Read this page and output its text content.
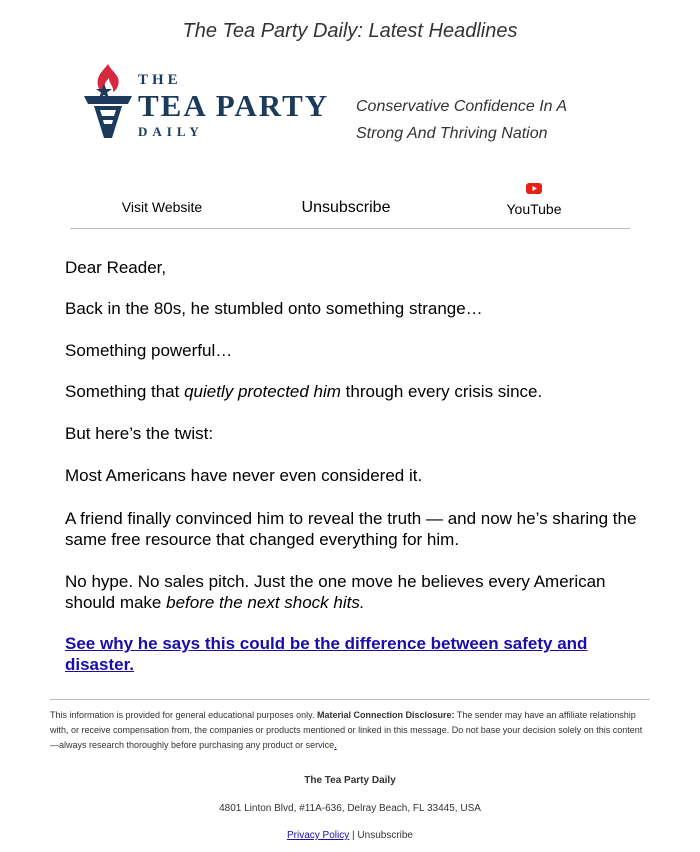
The Tea Party Daily: Latest Headlines
THE
TEA PARTY
DAILY
Conservative Confidence In A
Strong And Thriving Nation
Visit Website	Unsubscribe	YouTube
Dear Reader,
Back in the 80s, he stumbled onto something strange…
Something powerful…
Something that quietly protected him through every crisis since.
But here’s the twist:
Most Americans have never even considered it.
A friend finally convinced him to reveal the truth — and now he’s sharing the same free resource that changed everything for him.
No hype. No sales pitch. Just the one move he believes every American should make before the next shock hits.
See why he says this could be the difference between safety and disaster.
This information is provided for general educational purposes only. Material Connection Disclosure: The sender may have an affiliate relationship with, or receive compensation from, the companies or products mentioned or linked in this message. Do not base your decision solely on this content—always research thoroughly before purchasing any product or service.
The Tea Party Daily
4801 Linton Blvd, #11A-636, Delray Beach, FL 33445, USA
Privacy Policy | Unsubscribe
